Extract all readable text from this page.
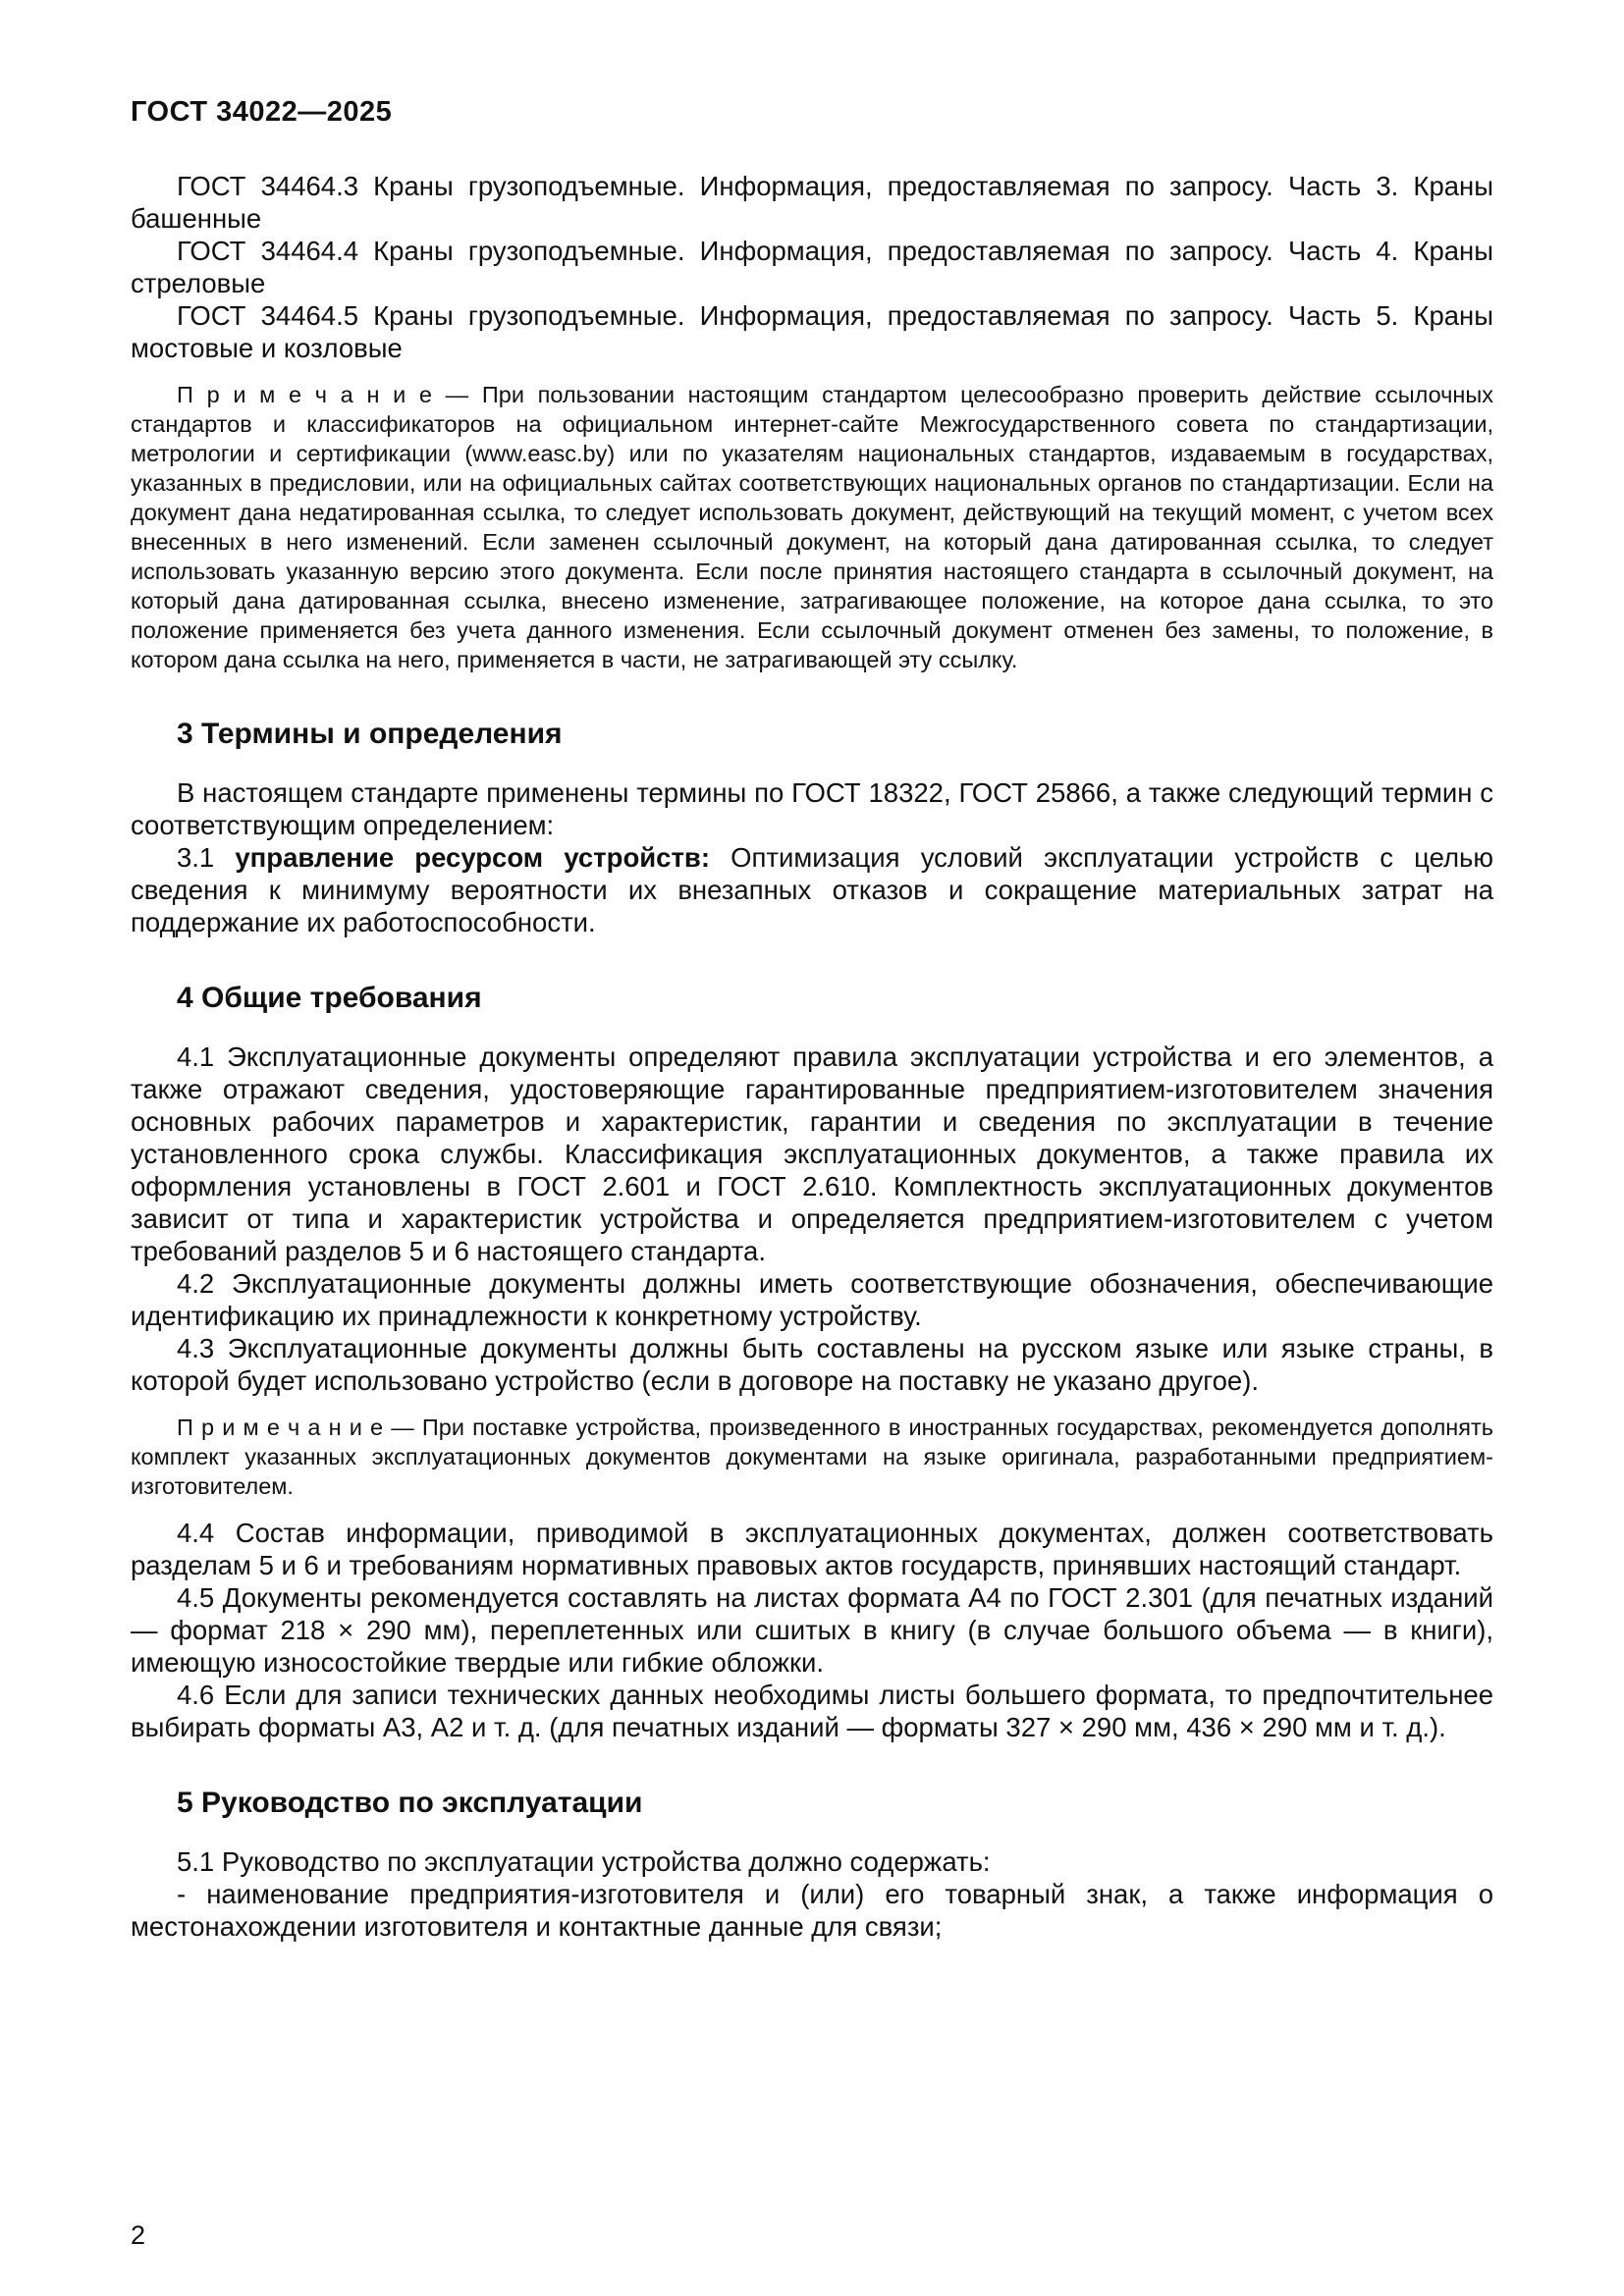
ГОСТ 34022—2025

ГОСТ 34464.3 Краны грузоподъемные. Информация, предоставляемая по запросу. Часть 3. Краны башенные

ГОСТ 34464.4 Краны грузоподъемные. Информация, предоставляемая по запросу. Часть 4. Краны стреловые

ГОСТ 34464.5 Краны грузоподъемные. Информация, предоставляемая по запросу. Часть 5. Краны мостовые и козловые

П р и м е ч а н и е — При пользовании настоящим стандартом целесообразно проверить действие ссылочных стандартов и классификаторов на официальном интернет-сайте Межгосударственного совета по стандартизации, метрологии и сертификации (www.easc.by) или по указателям национальных стандартов, издаваемым в государствах, указанных в предисловии, или на официальных сайтах соответствующих национальных органов по стандартизации. Если на документ дана недатированная ссылка, то следует использовать документ, действующий на текущий момент, с учетом всех внесенных в него изменений. Если заменен ссылочный документ, на который дана датированная ссылка, то следует использовать указанную версию этого документа. Если после принятия настоящего стандарта в ссылочный документ, на который дана датированная ссылка, внесено изменение, затрагивающее положение, на которое дана ссылка, то это положение применяется без учета данного изменения. Если ссылочный документ отменен без замены, то положение, в котором дана ссылка на него, применяется в части, не затрагивающей эту ссылку.

3 Термины и определения

В настоящем стандарте применены термины по ГОСТ 18322, ГОСТ 25866, а также следующий термин с соответствующим определением:

3.1 управление ресурсом устройств: Оптимизация условий эксплуатации устройств с целью сведения к минимуму вероятности их внезапных отказов и сокращение материальных затрат на поддержание их работоспособности.

4 Общие требования

4.1 Эксплуатационные документы определяют правила эксплуатации устройства и его элементов, а также отражают сведения, удостоверяющие гарантированные предприятием-изготовителем значения основных рабочих параметров и характеристик, гарантии и сведения по эксплуатации в течение установленного срока службы. Классификация эксплуатационных документов, а также правила их оформления установлены в ГОСТ 2.601 и ГОСТ 2.610. Комплектность эксплуатационных документов зависит от типа и характеристик устройства и определяется предприятием-изготовителем с учетом требований разделов 5 и 6 настоящего стандарта.

4.2 Эксплуатационные документы должны иметь соответствующие обозначения, обеспечивающие идентификацию их принадлежности к конкретному устройству.

4.3 Эксплуатационные документы должны быть составлены на русском языке или языке страны, в которой будет использовано устройство (если в договоре на поставку не указано другое).

П р и м е ч а н и е — При поставке устройства, произведенного в иностранных государствах, рекомендуется дополнять комплект указанных эксплуатационных документов документами на языке оригинала, разработанными предприятием-изготовителем.

4.4 Состав информации, приводимой в эксплуатационных документах, должен соответствовать разделам 5 и 6 и требованиям нормативных правовых актов государств, принявших настоящий стандарт.

4.5 Документы рекомендуется составлять на листах формата А4 по ГОСТ 2.301 (для печатных изданий — формат 218 × 290 мм), переплетенных или сшитых в книгу (в случае большого объема — в книги), имеющую износостойкие твердые или гибкие обложки.

4.6 Если для записи технических данных необходимы листы большего формата, то предпочтительнее выбирать форматы А3, А2 и т. д. (для печатных изданий — форматы 327 × 290 мм, 436 × 290 мм и т. д.).

5 Руководство по эксплуатации

5.1 Руководство по эксплуатации устройства должно содержать:

- наименование предприятия-изготовителя и (или) его товарный знак, а также информация о местонахождении изготовителя и контактные данные для связи;

2
